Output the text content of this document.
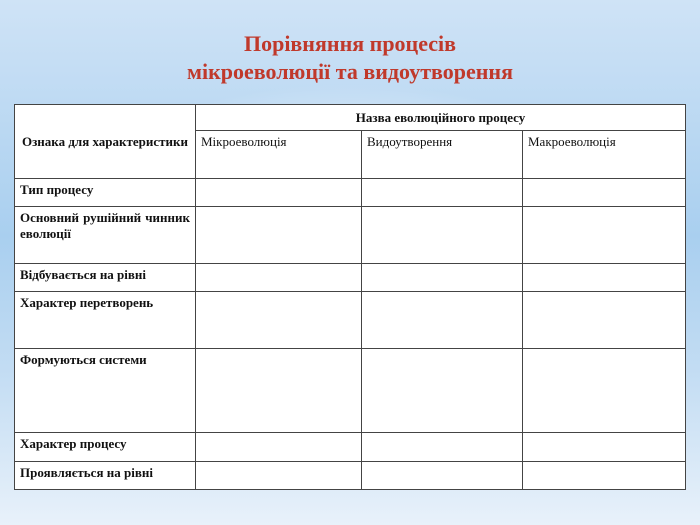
Порівняння процесів
мікроеволюції та видоутворення
Ознака для характеристики	Назва еволюційного процесу		
	Мікроеволюція	Видоутворення	Макроеволюція
Тип процесу			
Основний рушійний чинник еволюції			
Відбувається на рівні			
Характер перетворень			
Формуються системи			
Характер процесу			
Проявляється на рівні			
